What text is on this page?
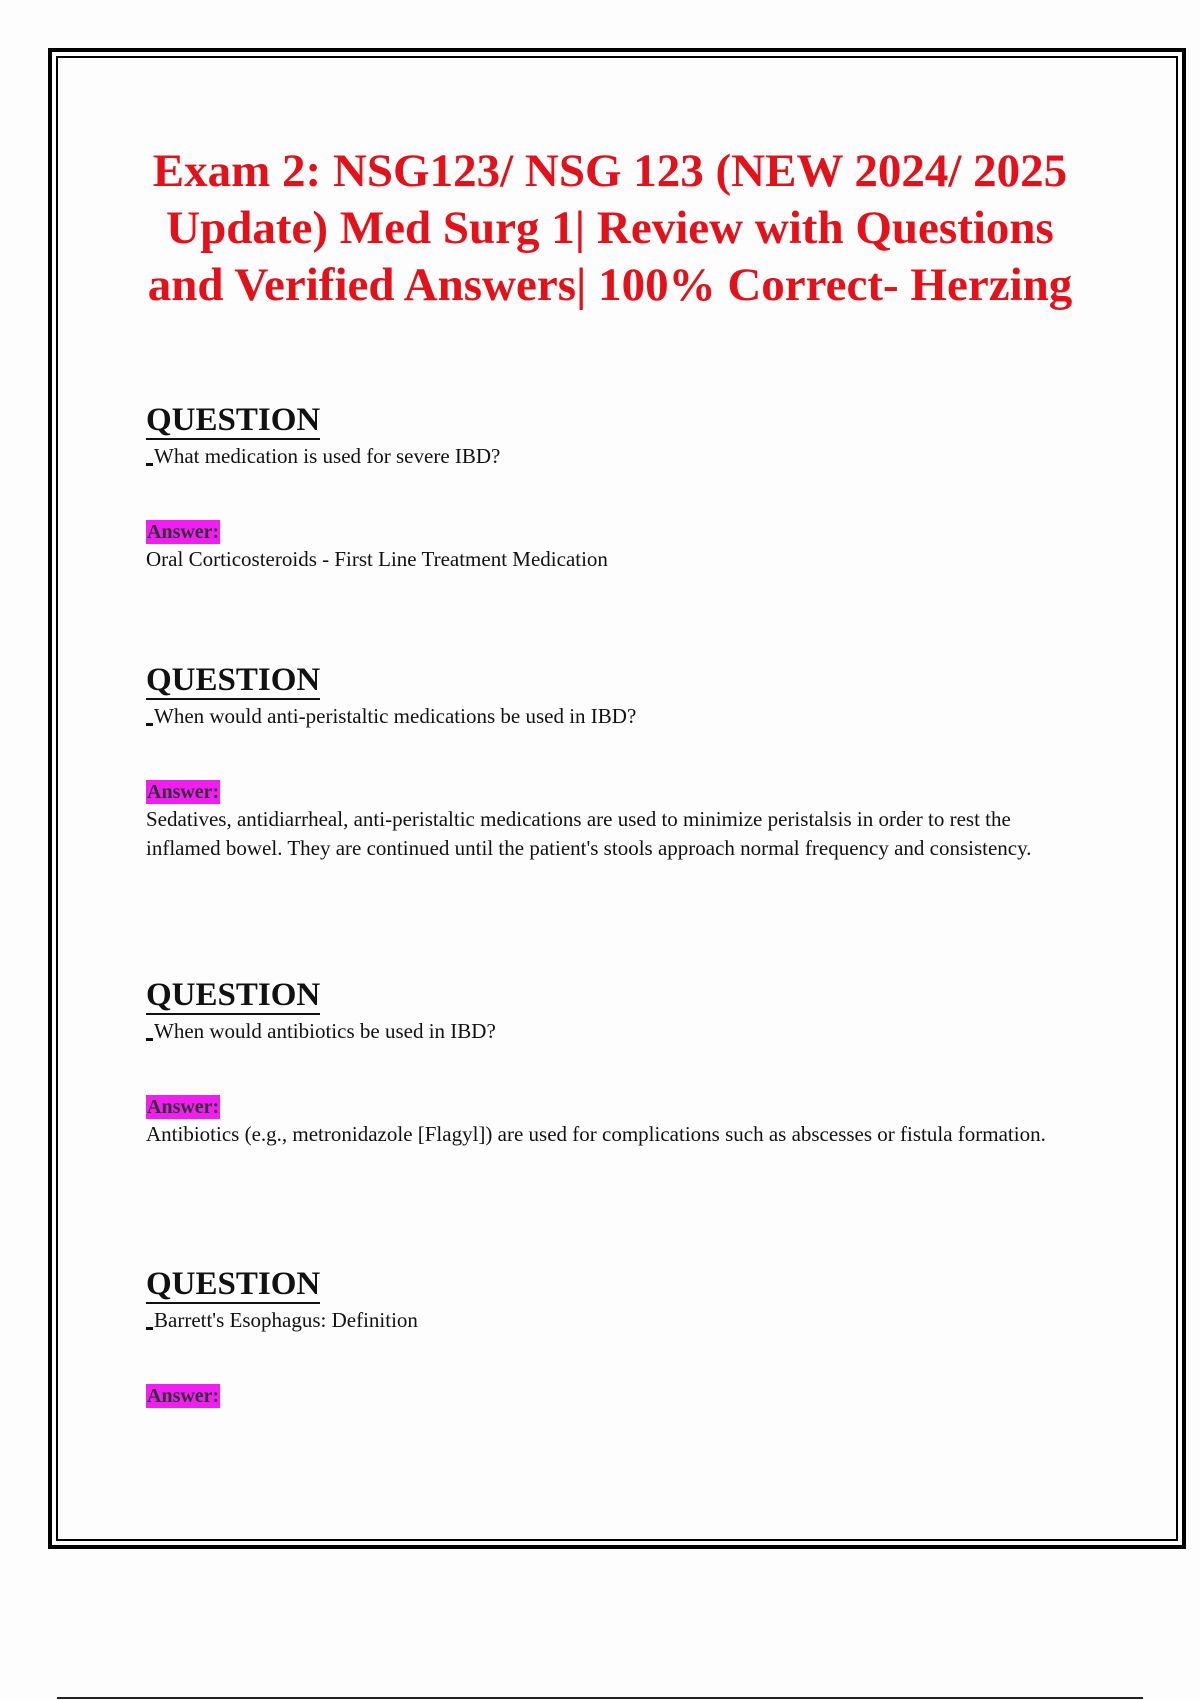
Exam 2: NSG123/ NSG 123 (NEW 2024/ 2025 Update) Med Surg 1| Review with Questions and Verified Answers| 100% Correct- Herzing
QUESTION
What medication is used for severe IBD?
Answer:
Oral Corticosteroids - First Line Treatment Medication
QUESTION
When would anti-peristaltic medications be used in IBD?
Answer:
Sedatives, antidiarrheal, anti-peristaltic medications are used to minimize peristalsis in order to rest the inflamed bowel. They are continued until the patient's stools approach normal frequency and consistency.
QUESTION
When would antibiotics be used in IBD?
Answer:
Antibiotics (e.g., metronidazole [Flagyl]) are used for complications such as abscesses or fistula formation.
QUESTION
Barrett's Esophagus: Definition
Answer:
